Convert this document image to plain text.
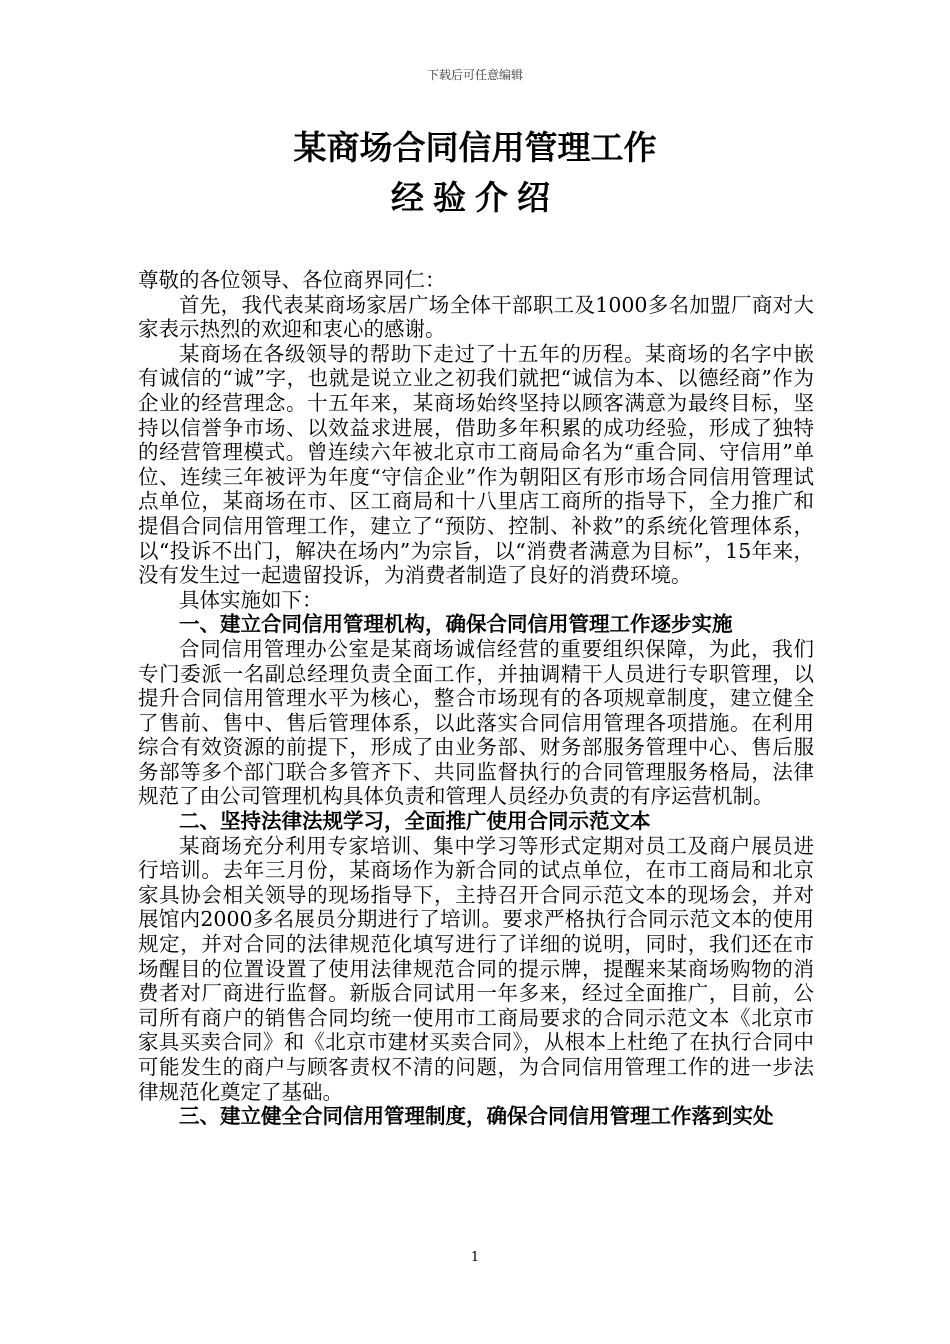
下载后可任意编辑
某商场合同信用管理工作
经验介绍

尊敬的各位领导、各位商界同仁：

首先，我代表某商场家居广场全体干部职工及1000多名加盟厂商对大家表示热烈的欢迎和衷心的感谢。

某商场在各级领导的帮助下走过了十五年的历程。某商场的名字中嵌有诚信的“诚”字，也就是说立业之初我们就把“诚信为本、以德经商”作为企业的经营理念。十五年来，某商场始终坚持以顾客满意为最终目标，坚持以信誉争市场、以效益求进展，借助多年积累的成功经验，形成了独特的经营管理模式。曾连续六年被北京市工商局命名为“重合同、守信用”单位、连续三年被评为年度“守信企业”作为朝阳区有形市场合同信用管理试点单位，某商场在市、区工商局和十八里店工商所的指导下，全力推广和提倡合同信用管理工作，建立了“预防、控制、补救”的系统化管理体系，以“投诉不出门，解决在场内”为宗旨，以“消费者满意为目标”，15年来，没有发生过一起遗留投诉，为消费者制造了良好的消费环境。

具体实施如下：

一、建立合同信用管理机构，确保合同信用管理工作逐步实施

合同信用管理办公室是某商场诚信经营的重要组织保障，为此，我们专门委派一名副总经理负责全面工作，并抽调精干人员进行专职管理，以提升合同信用管理水平为核心，整合市场现有的各项规章制度，建立健全了售前、售中、售后管理体系，以此落实合同信用管理各项措施。在利用综合有效资源的前提下，形成了由业务部、财务部服务管理中心、售后服务部等多个部门联合多管齐下、共同监督执行的合同管理服务格局，法律规范了由公司管理机构具体负责和管理人员经办负责的有序运营机制。

二、坚持法律法规学习，全面推广使用合同示范文本

某商场充分利用专家培训、集中学习等形式定期对员工及商户展员进行培训。去年三月份，某商场作为新合同的试点单位，在市工商局和北京家具协会相关领导的现场指导下，主持召开合同示范文本的现场会，并对展馆内2000多名展员分期进行了培训。要求严格执行合同示范文本的使用规定，并对合同的法律规范化填写进行了详细的说明，同时，我们还在市场醒目的位置设置了使用法律规范合同的提示牌，提醒来某商场购物的消费者对厂商进行监督。新版合同试用一年多来，经过全面推广，目前，公司所有商户的销售合同均统一使用市工商局要求的合同示范文本《北京市家具买卖合同》和《北京市建材买卖合同》，从根本上杜绝了在执行合同中可能发生的商户与顾客责权不清的问题，为合同信用管理工作的进一步法律规范化奠定了基础。

三、建立健全合同信用管理制度，确保合同信用管理工作落到实处

1
